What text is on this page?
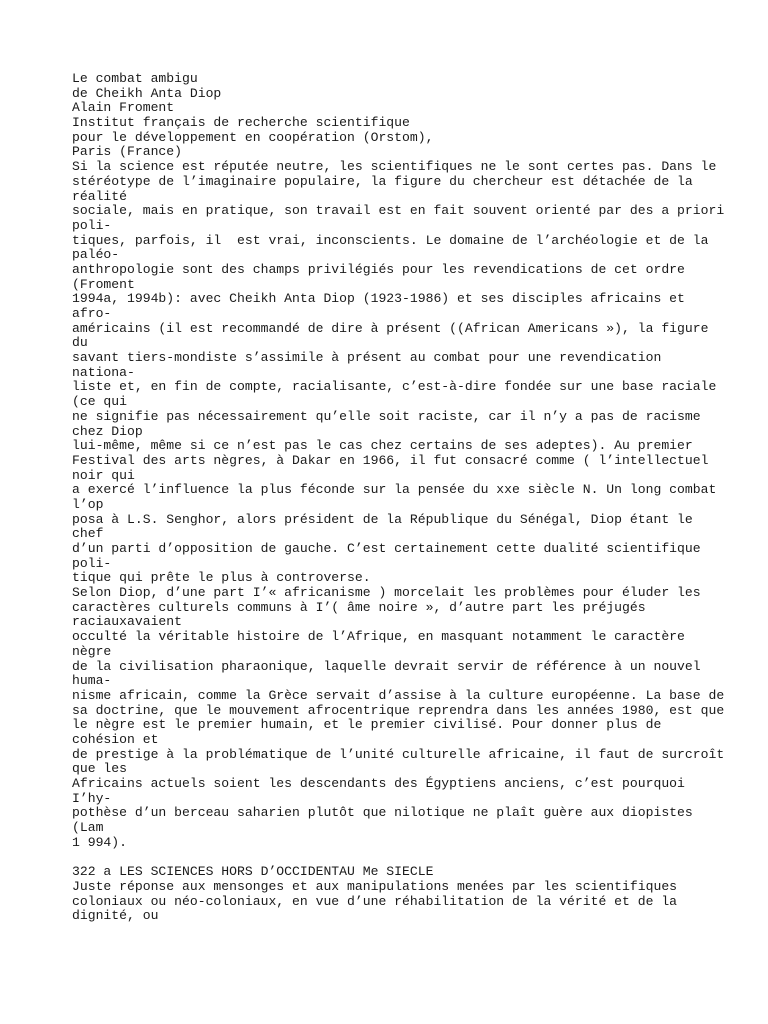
Le combat ambigu
de Cheikh Anta Diop
Alain Froment
Institut français de recherche scientifique
pour le développement en coopération (Orstom),
Paris (France)
Si la science est réputée neutre, les scientifiques ne le sont certes pas. Dans le
stéréotype de l’imaginaire populaire, la figure du chercheur est détachée de la
réalité
sociale, mais en pratique, son travail est en fait souvent orienté par des a priori
poli-
tiques, parfois, il  est vrai, inconscients. Le domaine de l’archéologie et de la
paléo-
anthropologie sont des champs privilégiés pour les revendications de cet ordre
(Froment
1994a, 1994b): avec Cheikh Anta Diop (1923-1986) et ses disciples africains et
afro-
américains (il est recommandé de dire à présent ((African Americans »), la figure
du
savant tiers-mondiste s’assimile à présent au combat pour une revendication
nationa-
liste et, en fin de compte, racialisante, c’est-à-dire fondée sur une base raciale
(ce qui
ne signifie pas nécessairement qu’elle soit raciste, car il n’y a pas de racisme
chez Diop
lui-même, même si ce n’est pas le cas chez certains de ses adeptes). Au premier
Festival des arts nègres, à Dakar en 1966, il fut consacré comme ( l’intellectuel
noir qui
a exercé l’influence la plus féconde sur la pensée du xxe siècle N. Un long combat
l’op
posa à L.S. Senghor, alors président de la République du Sénégal, Diop étant le
chef
d’un parti d’opposition de gauche. C’est certainement cette dualité scientifique
poli-
tique qui prête le plus à controverse.
Selon Diop, d’une part I’« africanisme ) morcelait les problèmes pour éluder les
caractères culturels communs à I’( âme noire », d’autre part les préjugés
raciauxavaient
occulté la véritable histoire de l’Afrique, en masquant notamment le caractère
nègre
de la civilisation pharaonique, laquelle devrait servir de référence à un nouvel
huma-
nisme africain, comme la Grèce servait d’assise à la culture européenne. La base de
sa doctrine, que le mouvement afrocentrique reprendra dans les années 1980, est que
le nègre est le premier humain, et le premier civilisé. Pour donner plus de
cohésion et
de prestige à la problématique de l’unité culturelle africaine, il faut de surcroît
que les
Africains actuels soient les descendants des Égyptiens anciens, c’est pourquoi
I’hy-
pothèse d’un berceau saharien plutôt que nilotique ne plaît guère aux diopistes
(Lam
1 994).
322 a LES SCIENCES HORS D’OCCIDENTAU Me SIECLE
Juste réponse aux mensonges et aux manipulations menées par les scientifiques
coloniaux ou néo-coloniaux, en vue d’une réhabilitation de la vérité et de la
dignité, ou
